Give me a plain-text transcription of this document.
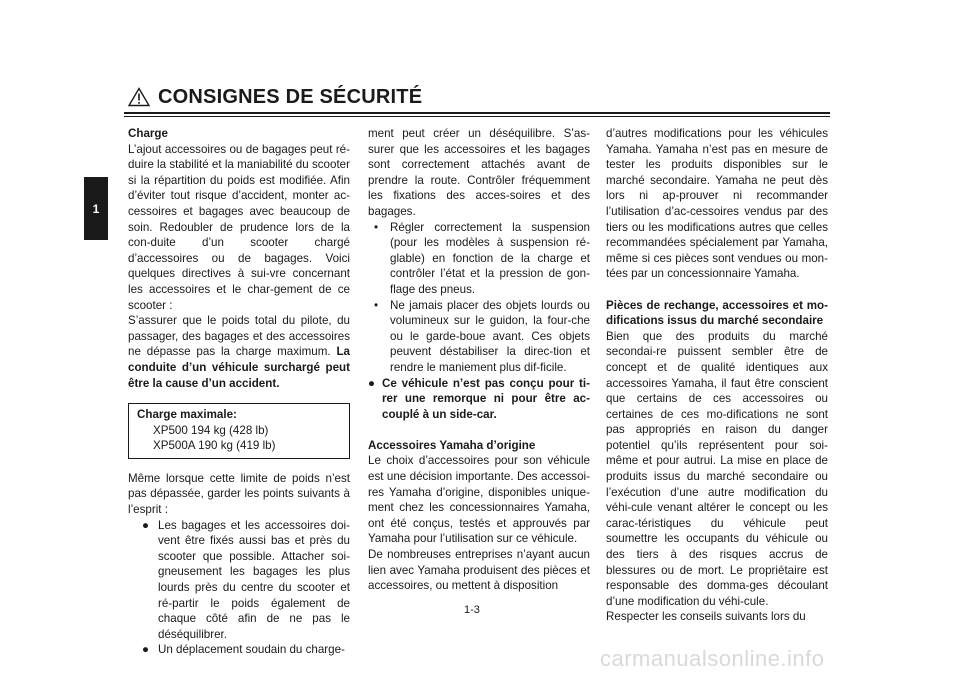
CONSIGNES DE SÉCURITÉ
1

Charge

L’ajout accessoires ou de bagages peut ré-duire la stabilité et la maniabilité du scooter si la répartition du poids est modifiée. Afin d’éviter tout risque d’accident, monter ac-cessoires et bagages avec beaucoup de soin. Redoubler de prudence lors de la con-duite d’un scooter chargé d’accessoires ou de bagages. Voici quelques directives à sui-vre concernant les accessoires et le char-gement de ce scooter :

S’assurer que le poids total du pilote, du passager, des bagages et des accessoires ne dépasse pas la charge maximum. La conduite d’un véhicule surchargé peut être la cause d’un accident.

Charge maximale:
XP500 194 kg (428 lb)
XP500A 190 kg (419 lb)

Même lorsque cette limite de poids n’est pas dépassée, garder les points suivants à l’esprit :

● Les bagages et les accessoires doi-vent être fixés aussi bas et près du scooter que possible. Attacher soi-gneusement les bagages les plus lourds près du centre du scooter et ré-partir le poids également de chaque côté afin de ne pas le déséquilibrer.
● Un déplacement soudain du charge-

ment peut créer un déséquilibre. S’as-surer que les accessoires et les bagages sont correctement attachés avant de prendre la route. Contrôler fréquemment les fixations des acces-soires et des bagages.

• Régler correctement la suspension (pour les modèles à suspension ré-glable) en fonction de la charge et contrôler l’état et la pression de gon-flage des pneus.
• Ne jamais placer des objets lourds ou volumineux sur le guidon, la four-che ou le garde-boue avant. Ces objets peuvent déstabiliser la direc-tion et rendre le maniement plus dif-ficile.
● Ce véhicule n’est pas conçu pour ti-rer une remorque ni pour être ac-couplé à un side-car.

Accessoires Yamaha d’origine

Le choix d’accessoires pour son véhicule est une décision importante. Des accessoi-res Yamaha d’origine, disponibles unique-ment chez les concessionnaires Yamaha, ont été conçus, testés et approuvés par Yamaha pour l’utilisation sur ce véhicule.

De nombreuses entreprises n’ayant aucun lien avec Yamaha produisent des pièces et accessoires, ou mettent à disposition

d’autres modifications pour les véhicules Yamaha. Yamaha n’est pas en mesure de tester les produits disponibles sur le marché secondaire. Yamaha ne peut dès lors ni ap-prouver ni recommander l’utilisation d’ac-cessoires vendus par des tiers ou les modifications autres que celles recommandées spécialement par Yamaha, même si ces pièces sont vendues ou mon-tées par un concessionnaire Yamaha.

Pièces de rechange, accessoires et mo-difications issus du marché secondaire

Bien que des produits du marché secondai-re puissent sembler être de concept et de qualité identiques aux accessoires Yamaha, il faut être conscient que certains de ces accessoires ou certaines de ces mo-difications ne sont pas appropriés en raison du danger potentiel qu’ils représentent pour soi-même et pour autrui. La mise en place de produits issus du marché secondaire ou l’exécution d’une autre modification du véhi-cule venant altérer le concept ou les carac-téristiques du véhicule peut soumettre les occupants du véhicule ou des tiers à des risques accrus de blessures ou de mort. Le propriétaire est responsable des domma-ges découlant d’une modification du véhi-cule.

Respecter les conseils suivants lors du

1-3
carmanualsonline.info
